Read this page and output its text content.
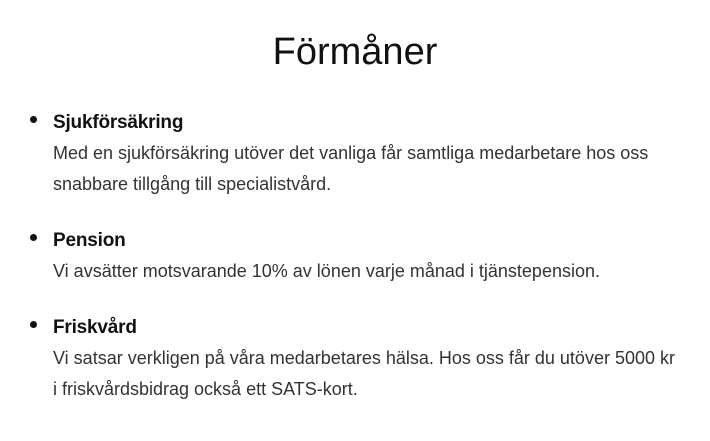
Förmåner
Sjukförsäkring
Med en sjukförsäkring utöver det vanliga får samtliga medarbetare hos oss snabbare tillgång till specialistvård.
Pension
Vi avsätter motsvarande 10% av lönen varje månad i tjänstepension.
Friskvård
Vi satsar verkligen på våra medarbetares hälsa. Hos oss får du utöver 5000 kr i friskvårdsbidrag också ett SATS-kort.
